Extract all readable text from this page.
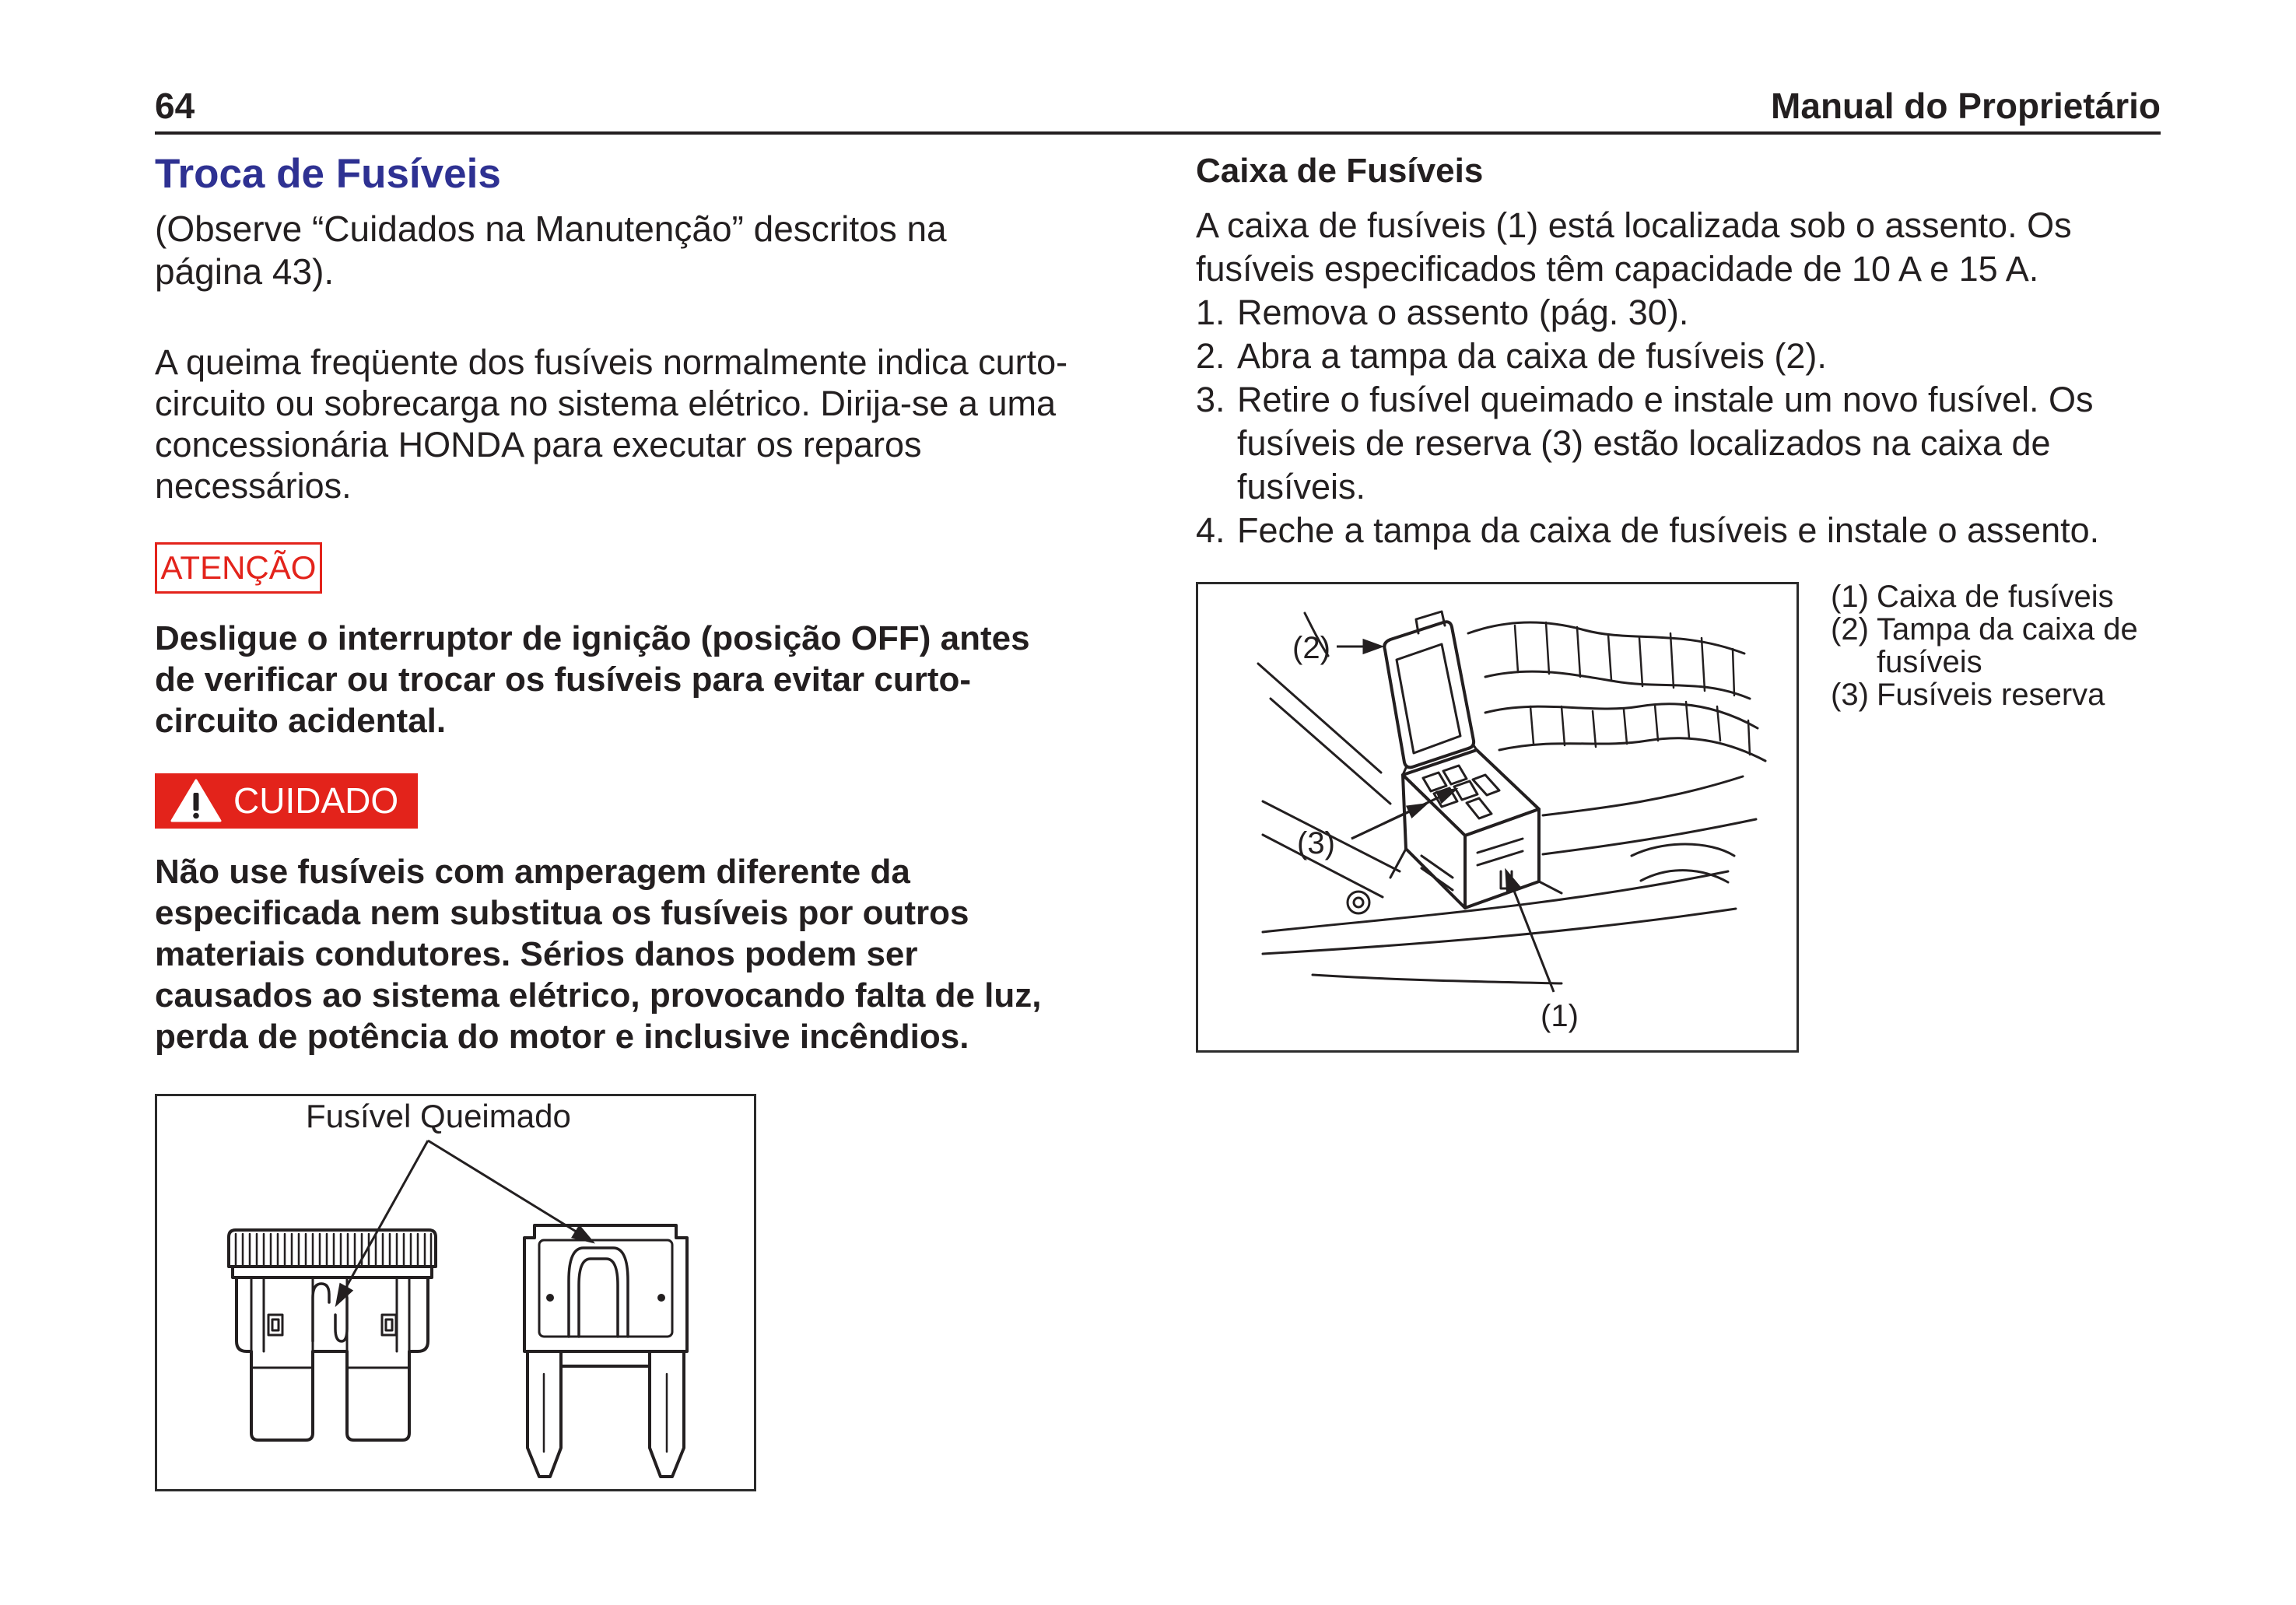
64	Manual do Proprietário
Troca de Fusíveis
(Observe “Cuidados na Manutenção” descritos na
página 43).
A queima freqüente dos fusíveis normalmente indica curto-
circuito ou sobrecarga no sistema elétrico. Dirija-se a uma
concessionária HONDA para executar os reparos
necessários.
ATENÇÃO
Desligue o interruptor de ignição (posição OFF) antes
de verificar ou trocar os fusíveis para evitar curto-
circuito acidental.
CUIDADO
Não use fusíveis com amperagem diferente da
especificada nem substitua os fusíveis por outros
materiais condutores. Sérios danos podem ser
causados ao sistema elétrico, provocando falta de luz,
perda de potência do motor e inclusive incêndios.
Fusível Queimado
Caixa de Fusíveis
A caixa de fusíveis (1) está localizada sob o assento. Os
fusíveis especificados têm capacidade de 10 A e 15 A.
1. Remova o assento (pág. 30).
2. Abra a tampa da caixa de fusíveis (2).
3. Retire o fusível queimado e instale um novo fusível. Os
fusíveis de reserva (3) estão localizados na caixa de
fusíveis.
4. Feche a tampa da caixa de fusíveis e instale o assento.
(2)
(3)
(1)
(1) Caixa de fusíveis
(2) Tampa da caixa de
fusíveis
(3) Fusíveis reserva
